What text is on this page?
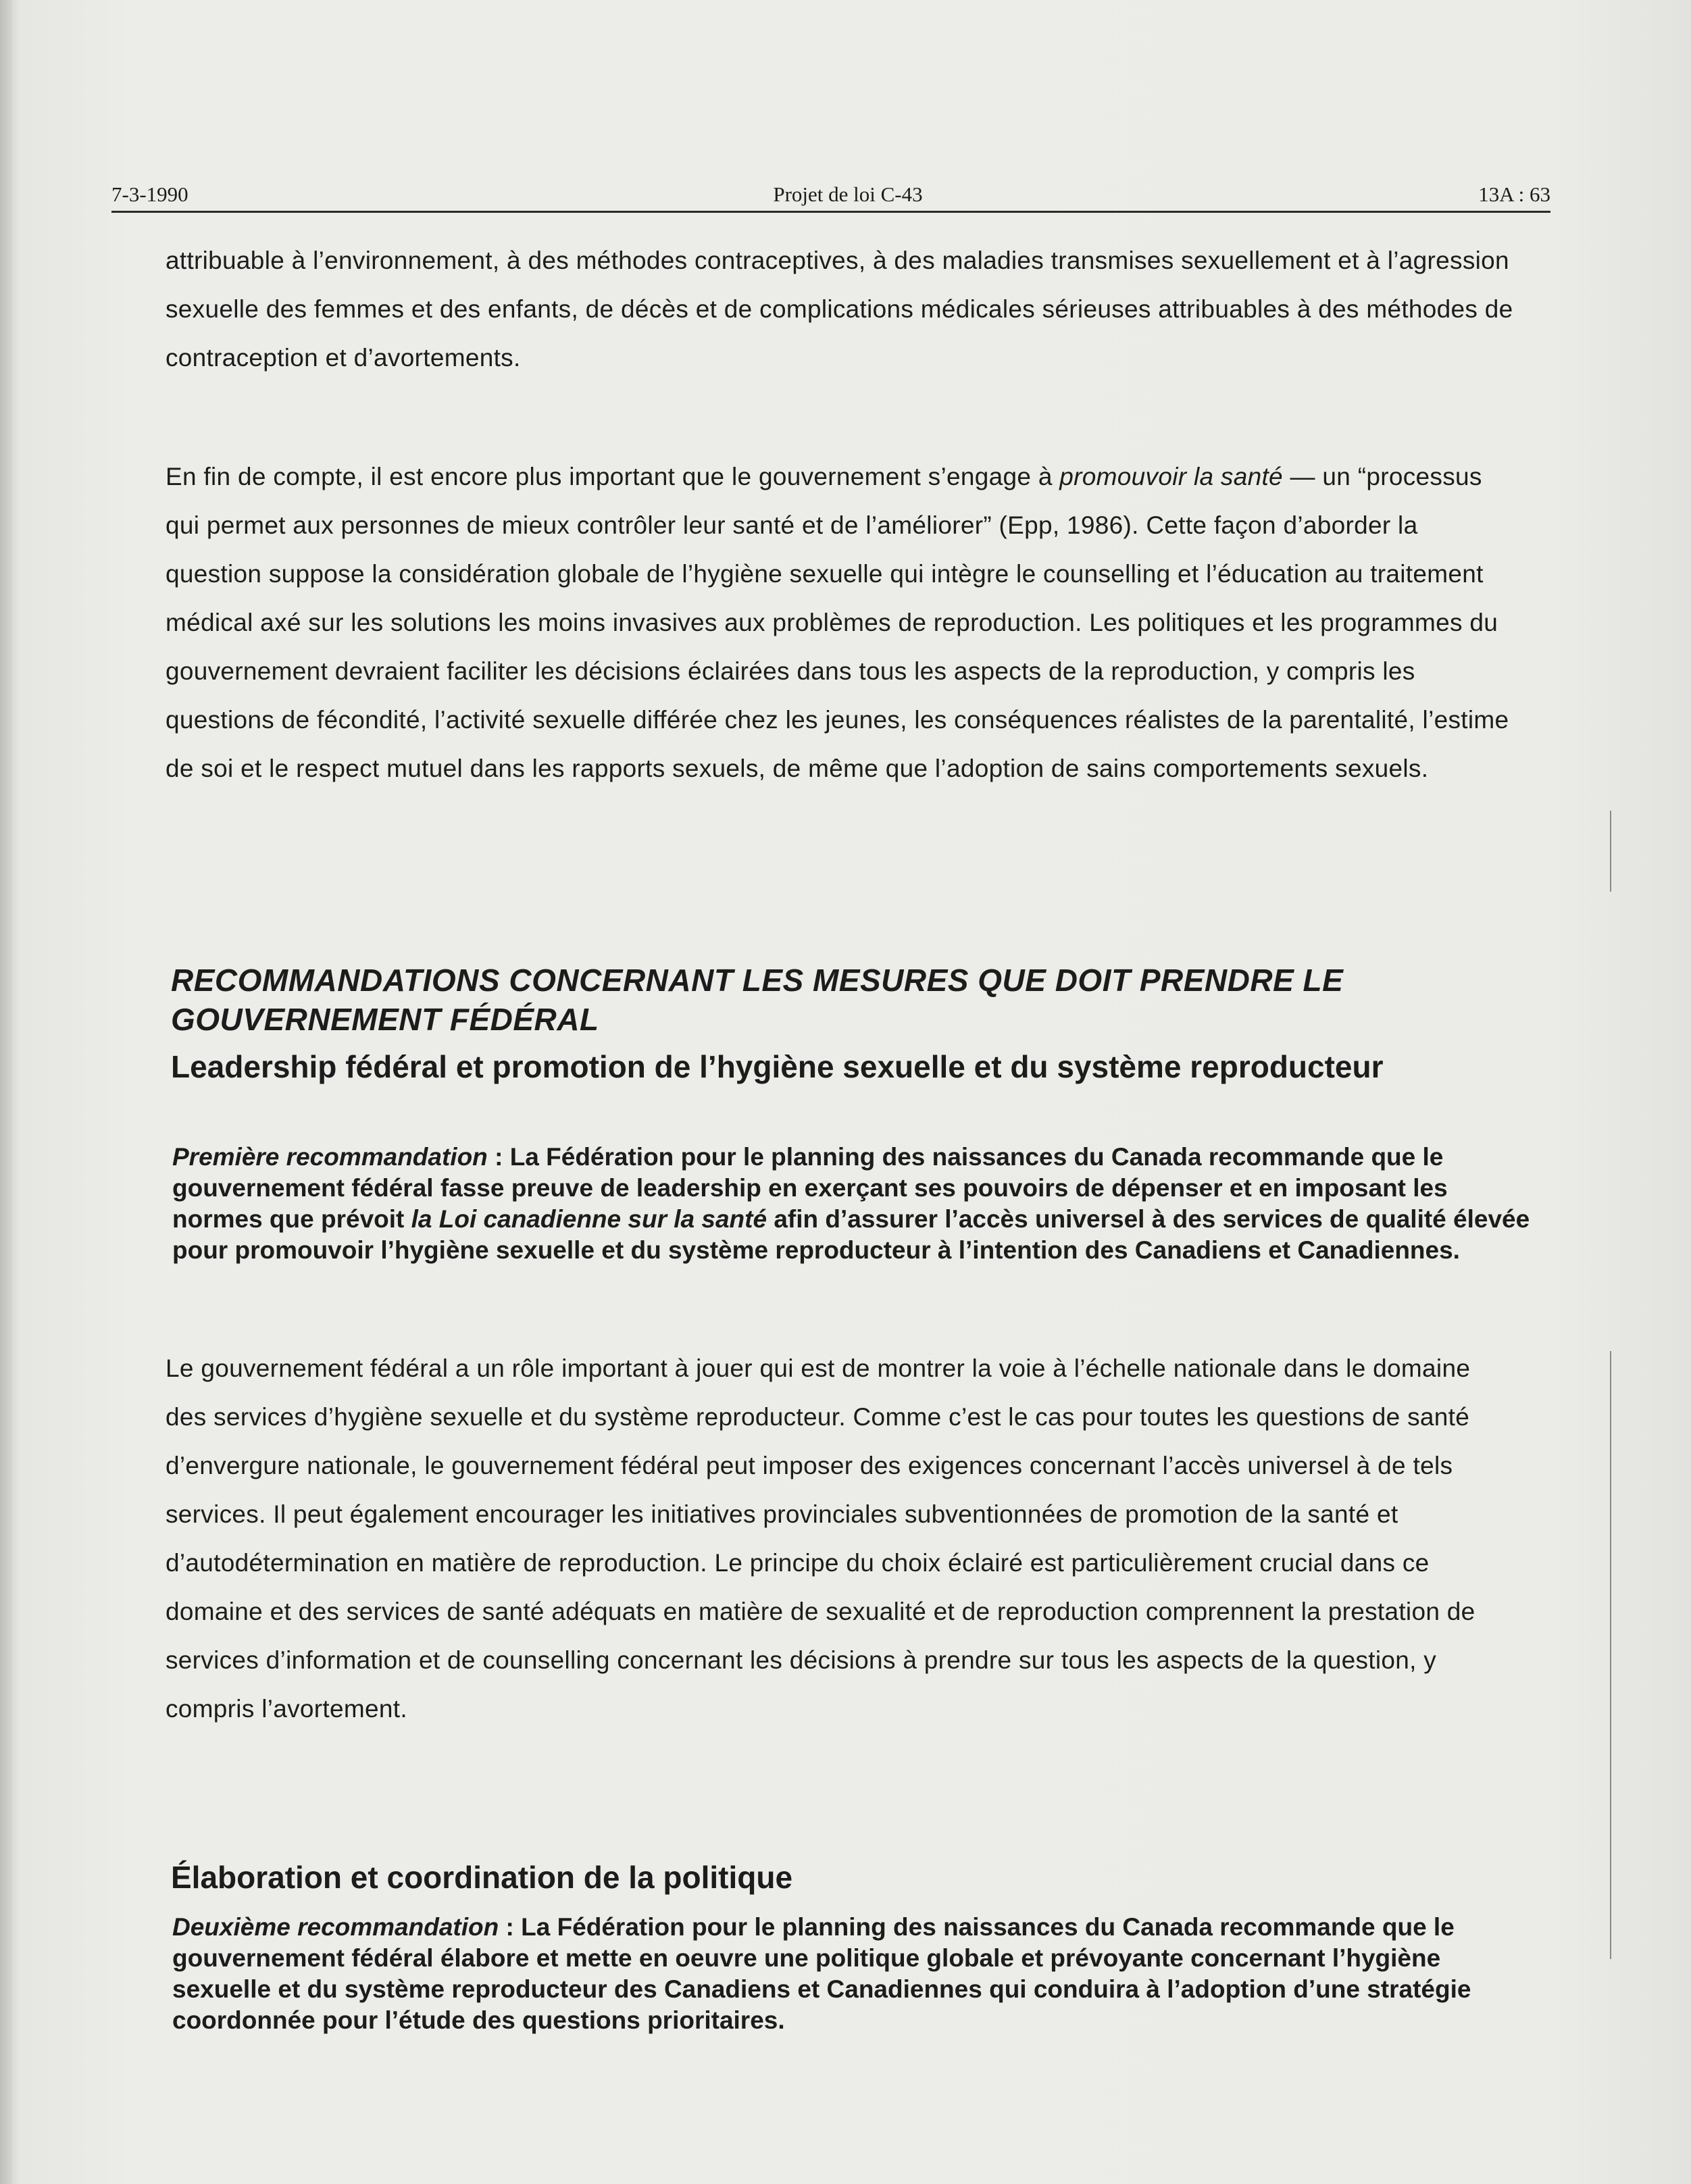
7-3-1990	Projet de loi C-43	13A : 63

attribuable à l’environnement, à des méthodes contraceptives, à des maladies transmises sexuellement et à l’agression sexuelle des femmes et des enfants, de décès et de complications médicales sérieuses attribuables à des méthodes de contraception et d’avortements.

En fin de compte, il est encore plus important que le gouvernement s’engage à promouvoir la santé — un “processus qui permet aux personnes de mieux contrôler leur santé et de l’améliorer” (Epp, 1986). Cette façon d’aborder la question suppose la considération globale de l’hygiène sexuelle qui intègre le counselling et l’éducation au traitement médical axé sur les solutions les moins invasives aux problèmes de reproduction. Les politiques et les programmes du gouvernement devraient faciliter les décisions éclairées dans tous les aspects de la reproduction, y compris les questions de fécondité, l’activité sexuelle différée chez les jeunes, les conséquences réalistes de la parentalité, l’estime de soi et le respect mutuel dans les rapports sexuels, de même que l’adoption de sains comportements sexuels.

RECOMMANDATIONS CONCERNANT LES MESURES QUE DOIT PRENDRE LE GOUVERNEMENT FÉDÉRAL
Leadership fédéral et promotion de l’hygiène sexuelle et du système reproducteur

Première recommandation : La Fédération pour le planning des naissances du Canada recommande que le gouvernement fédéral fasse preuve de leadership en exerçant ses pouvoirs de dépenser et en imposant les normes que prévoit la Loi canadienne sur la santé afin d’assurer l’accès universel à des services de qualité élevée pour promouvoir l’hygiène sexuelle et du système reproducteur à l’intention des Canadiens et Canadiennes.

Le gouvernement fédéral a un rôle important à jouer qui est de montrer la voie à l’échelle nationale dans le domaine des services d’hygiène sexuelle et du système reproducteur. Comme c’est le cas pour toutes les questions de santé d’envergure nationale, le gouvernement fédéral peut imposer des exigences concernant l’accès universel à de tels services. Il peut également encourager les initiatives provinciales subventionnées de promotion de la santé et d’autodétermination en matière de reproduction. Le principe du choix éclairé est particulièrement crucial dans ce domaine et des services de santé adéquats en matière de sexualité et de reproduction comprennent la prestation de services d’information et de counselling concernant les décisions à prendre sur tous les aspects de la question, y compris l’avortement.

Élaboration et coordination de la politique

Deuxième recommandation : La Fédération pour le planning des naissances du Canada recommande que le gouvernement fédéral élabore et mette en oeuvre une politique globale et prévoyante concernant l’hygiène sexuelle et du système reproducteur des Canadiens et Canadiennes qui conduira à l’adoption d’une stratégie coordonnée pour l’étude des questions prioritaires.
